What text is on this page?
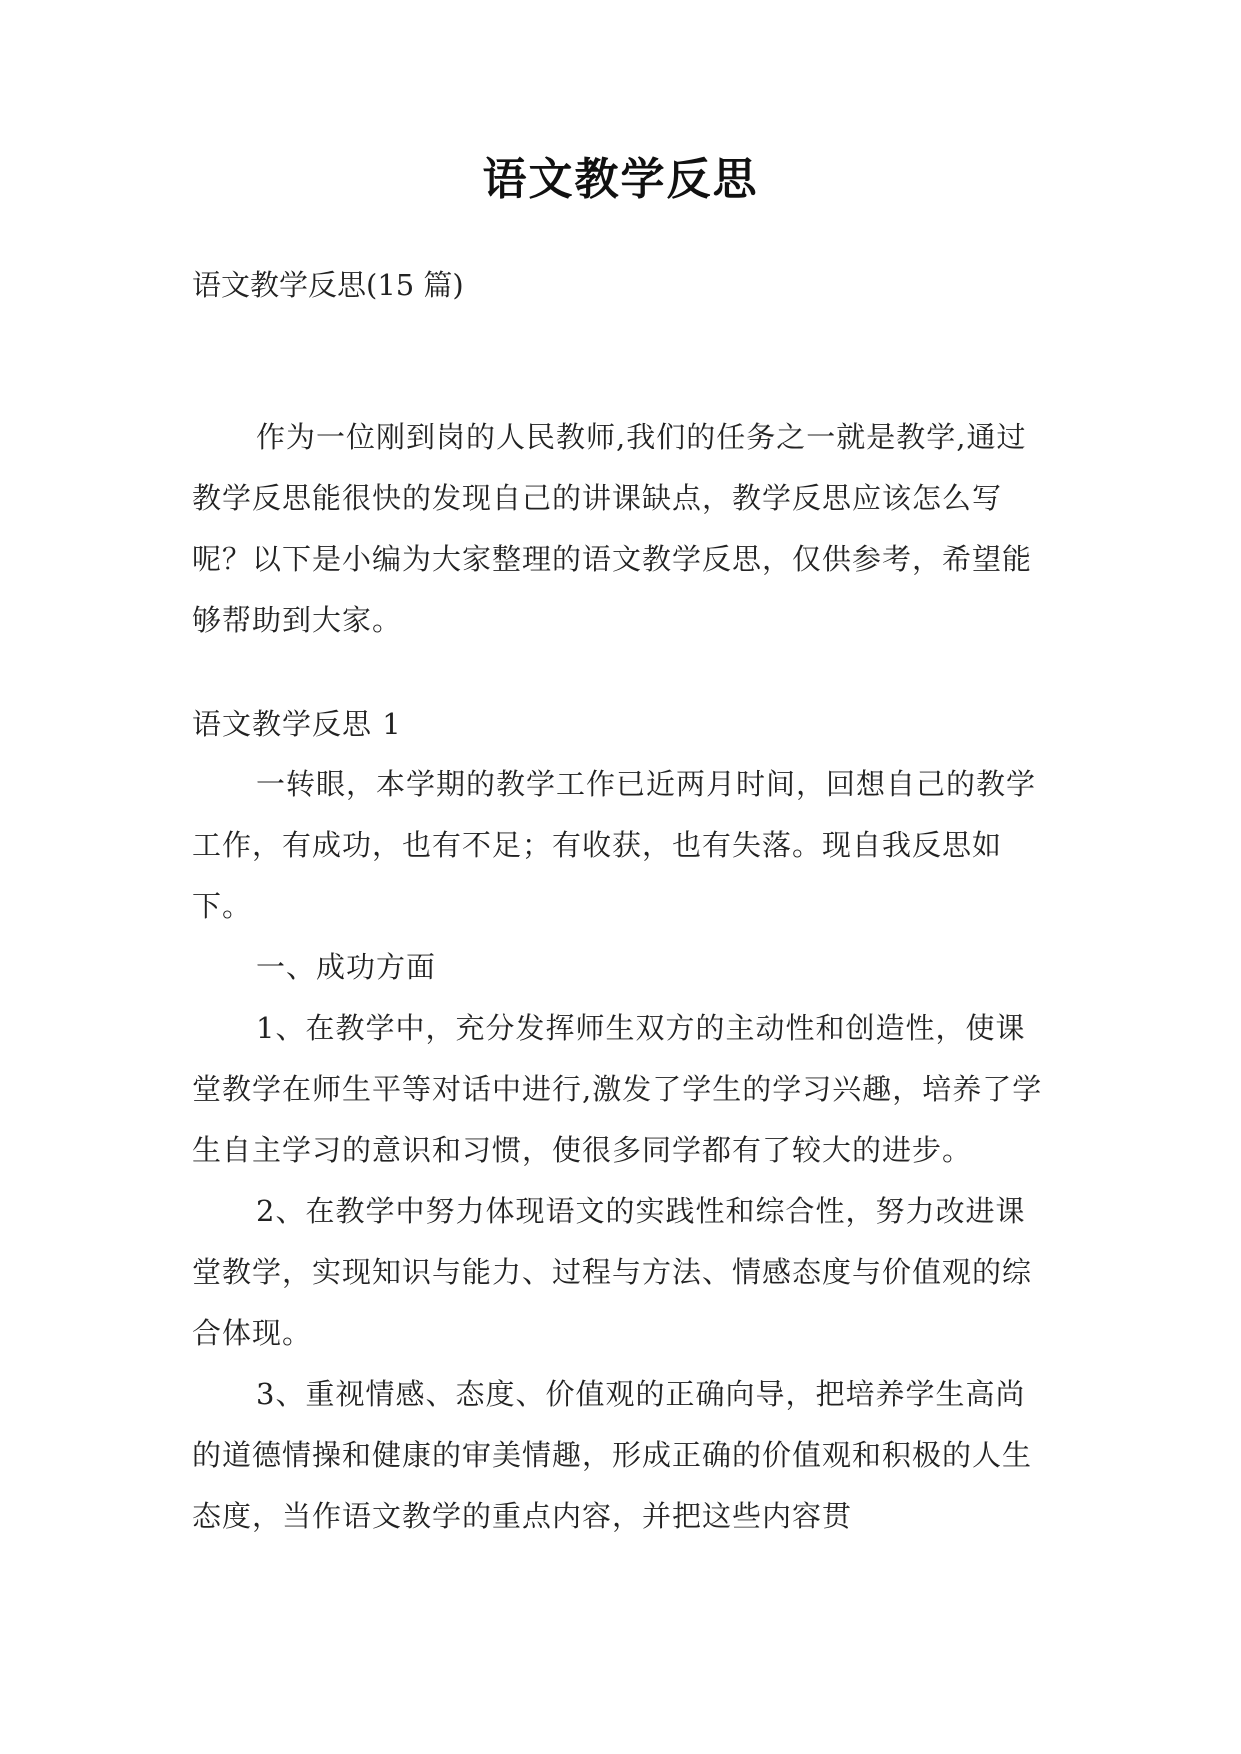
语文教学反思
语文教学反思(15 篇)
作为一位刚到岗的人民教师,我们的任务之一就是教学,通过教学反思能很快的发现自己的讲课缺点，教学反思应该怎么写呢？以下是小编为大家整理的语文教学反思，仅供参考，希望能够帮助到大家。
语文教学反思 1
一转眼，本学期的教学工作已近两月时间，回想自己的教学工作，有成功，也有不足；有收获，也有失落。现自我反思如下。
一、成功方面
1、在教学中，充分发挥师生双方的主动性和创造性，使课堂教学在师生平等对话中进行,激发了学生的学习兴趣，培养了学生自主学习的意识和习惯，使很多同学都有了较大的进步。
2、在教学中努力体现语文的实践性和综合性，努力改进课堂教学，实现知识与能力、过程与方法、情感态度与价值观的综合体现。
3、重视情感、态度、价值观的正确向导，把培养学生高尚的道德情操和健康的审美情趣，形成正确的价值观和积极的人生态度，当作语文教学的重点内容，并把这些内容贯
